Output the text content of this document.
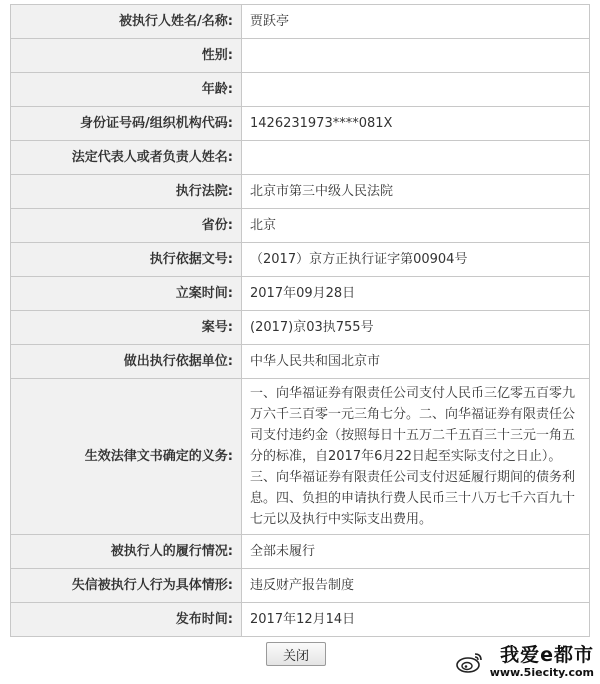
被执行人姓名/名称:	贾跃亭
性别:	
年龄:	
身份证号码/组织机构代码:	1426231973****081X
法定代表人或者负责人姓名:	
执行法院:	北京市第三中级人民法院
省份:	北京
执行依据文号:	（2017）京方正执行证字第00904号
立案时间:	2017年09月28日
案号:	(2017)京03执755号
做出执行依据单位:	中华人民共和国北京市
生效法律文书确定的义务:	一、向华福证券有限责任公司支付人民币三亿零五百零九万六千三百零一元三角七分。二、向华福证券有限责任公司支付违约金（按照每日十五万二千五百三十三元一角五分的标准，自2017年6月22日起至实际支付之日止）。三、向华福证券有限责任公司支付迟延履行期间的债务利息。四、负担的申请执行费人民币三十八万七千六百九十七元以及执行中实际支出费用。
被执行人的履行情况:	全部未履行
失信被执行人行为具体情形:	违反财产报告制度
发布时间:	2017年12月14日
关闭	我爱e都市
www.5iecity.com
